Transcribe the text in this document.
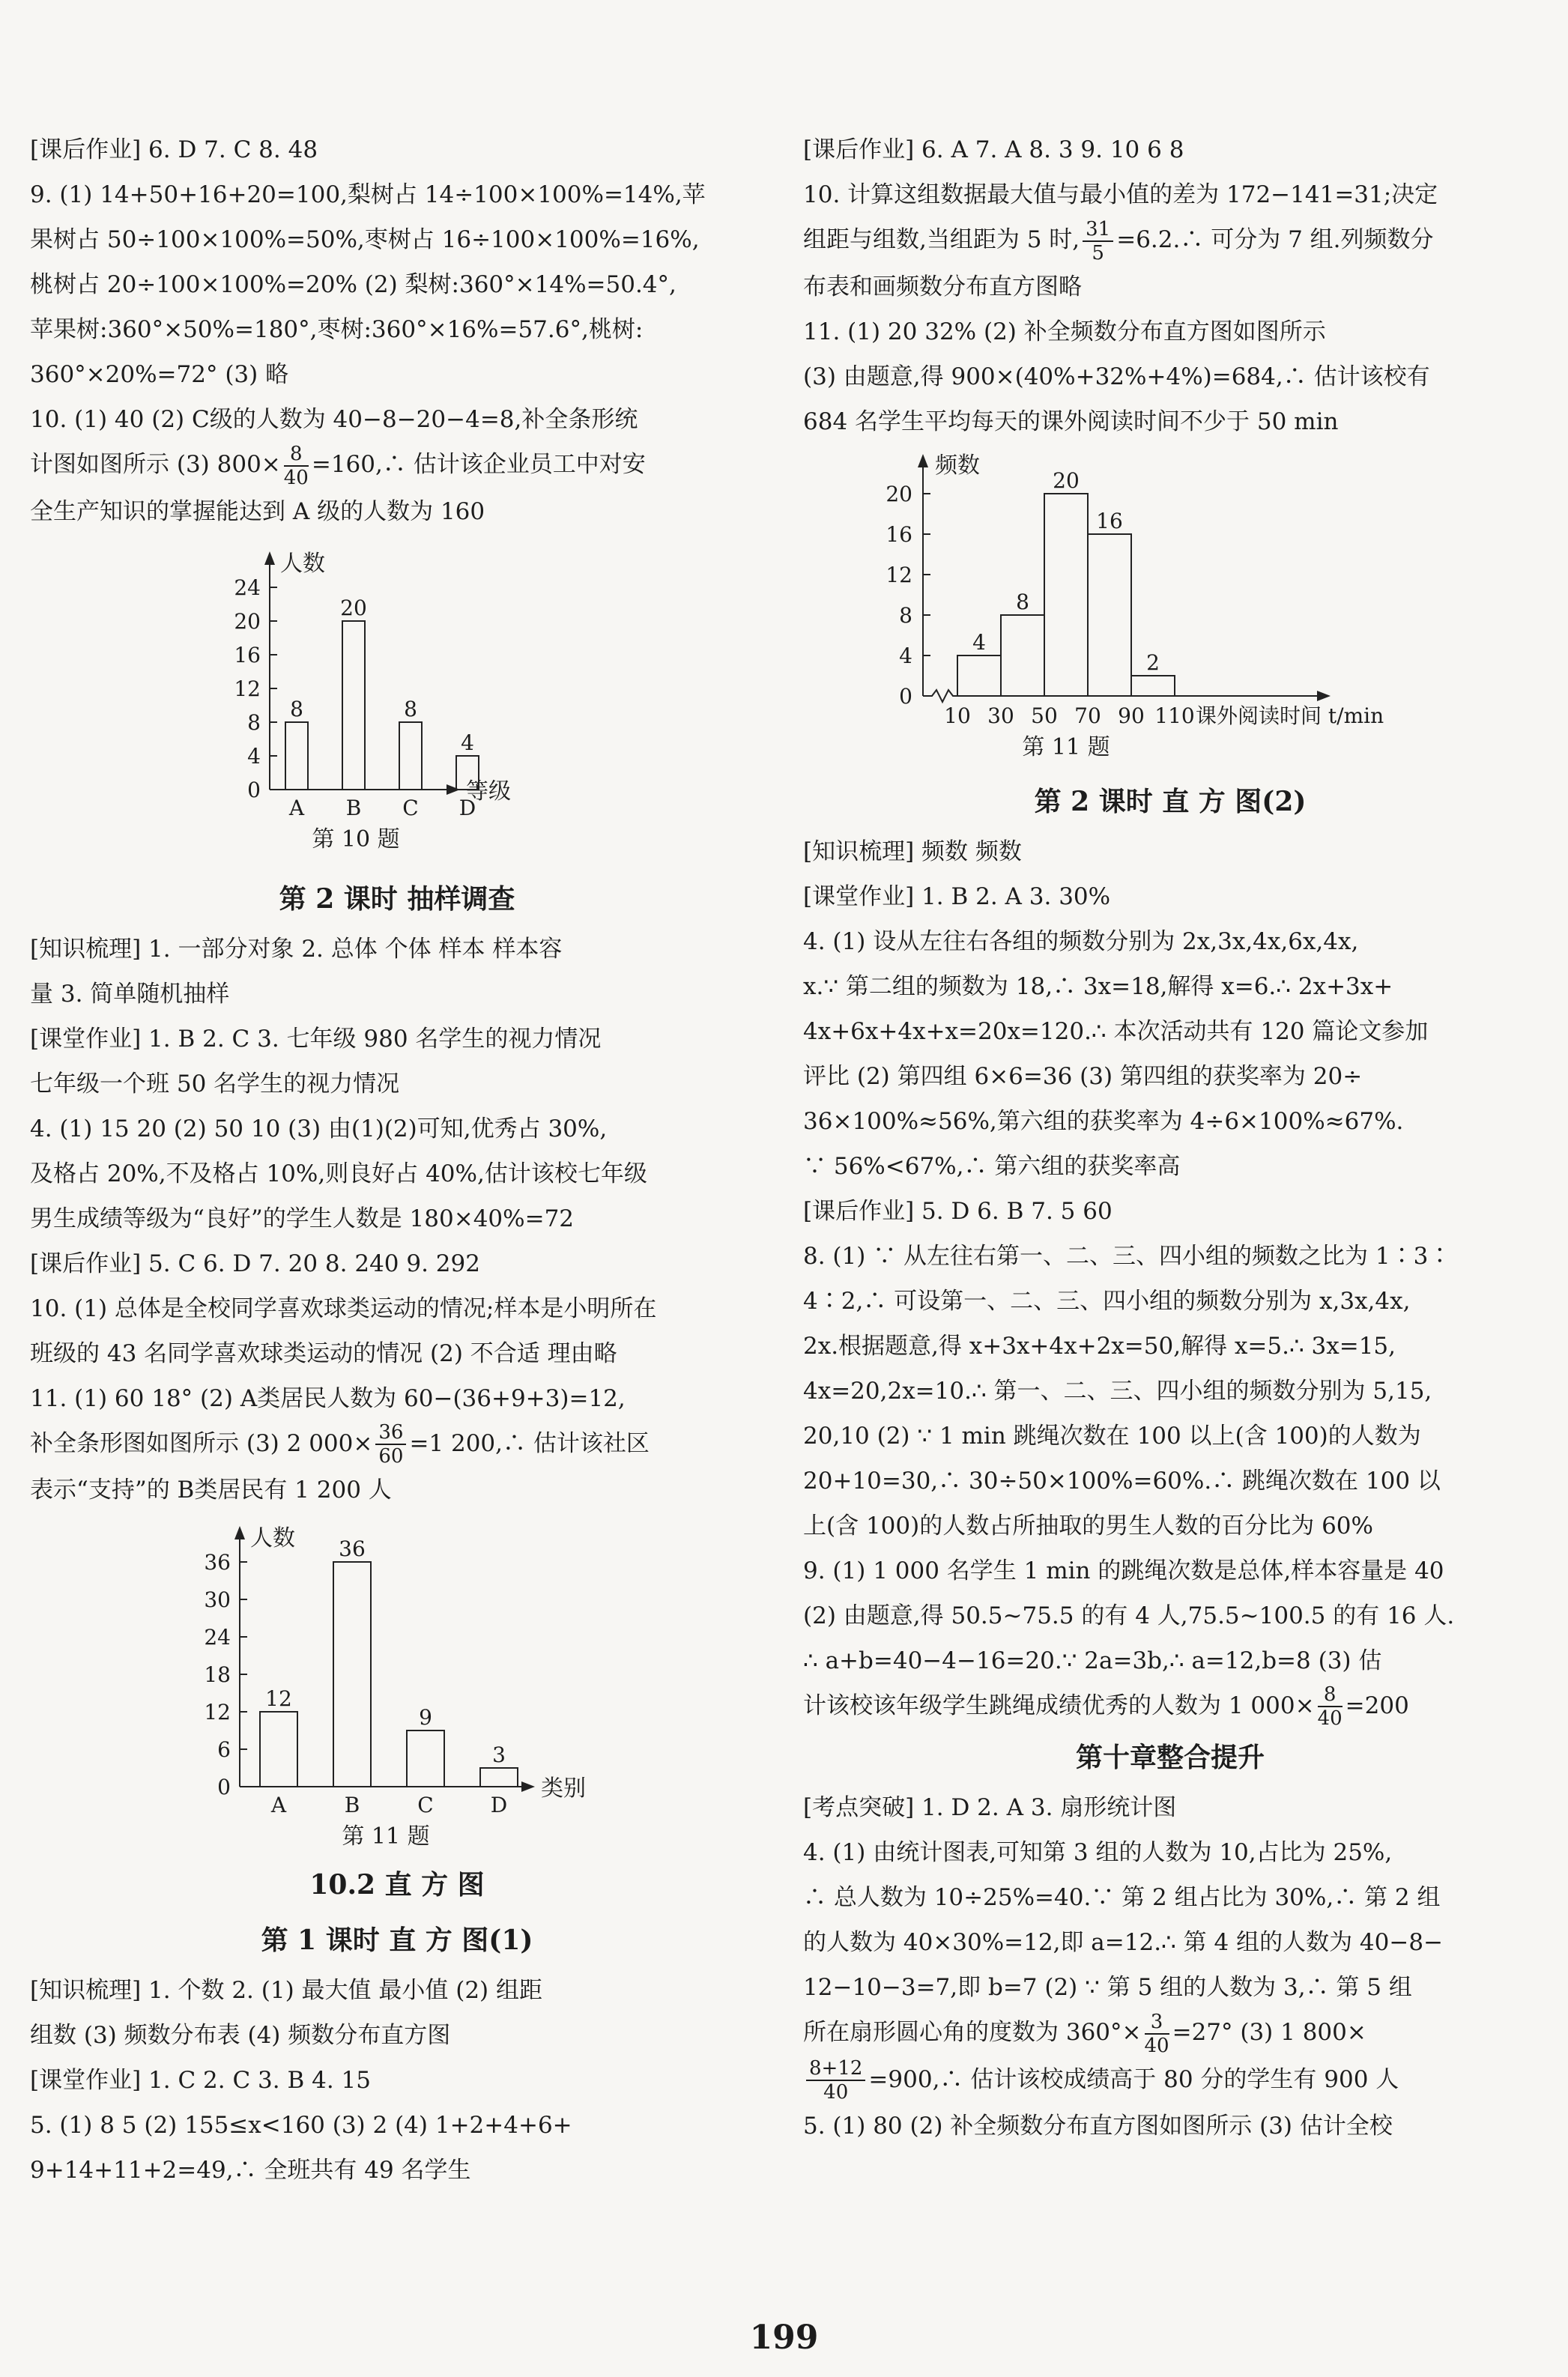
[课后作业] 6. D 7. C 8. 48
9. (1) 14+50+16+20=100,梨树占 14÷100×100%=14%,苹
果树占 50÷100×100%=50%,枣树占 16÷100×100%=16%,
桃树占 20÷100×100%=20% (2) 梨树:360°×14%=50.4°,
苹果树:360°×50%=180°,枣树:360°×16%=57.6°,桃树:
360°×20%=72° (3) 略
10. (1) 40 (2) C级的人数为 40−8−20−4=8,补全条形统
计图如图所示 (3) $800\times \frac{8}{40}$ =160,∴ 估计该企业员工中对安
全生产知识的掌握能达到 A 级的人数为 160
人数
等级
0
4
8
12
16
20
24
8
A
20
B
8
C
4
D
第 10 题
第 2 课时 抽样调查
[知识梳理] 1. 一部分对象 2. 总体 个体 样本 样本容
量 3. 简单随机抽样
[课堂作业] 1. B 2. C 3. 七年级 980 名学生的视力情况
七年级一个班 50 名学生的视力情况
4. (1) 15 20 (2) 50 10 (3) 由(1)(2)可知,优秀占 30%,
及格占 20%,不及格占 10%,则良好占 40%,估计该校七年级
男生成绩等级为“良好”的学生人数是 180×40%=72
[课后作业] 5. C 6. D 7. 20 8. 240 9. 292
10. (1) 总体是全校同学喜欢球类运动的情况;样本是小明所在
班级的 43 名同学喜欢球类运动的情况 (2) 不合适 理由略
11. (1) 60 18° (2) A类居民人数为 60−(36+9+3)=12,
补全条形图如图所示 (3) 2 $000\times \frac{36}{60} =1$ 200,∴ 估计该社区
表示“支持”的 B类居民有 1 200 人
人数
类别
0
6
12
18
24
30
36
12
A
36
B
9
C
3
D
第 11 题
10.2 直 方 图
第 1 课时 直 方 图(1)
[知识梳理] 1. 个数 2. (1) 最大值 最小值 (2) 组距
组数 (3) 频数分布表 (4) 频数分布直方图
[课堂作业] 1. C 2. C 3. B 4. 15
5. (1) 8 5 (2) 155≤x<160 (3) 2 (4) 1+2+4+6+
9+14+11+2=49,∴ 全班共有 49 名学生
[课后作业] 6. A 7. A 8. 3 9. 10 6 8
10. 计算这组数据最大值与最小值的差为 172−141=31;决定
组距与组数,当组距为 5 时, $\frac{31}{5}$ =6.2.∴ 可分为 7 组.列频数分
布表和画频数分布直方图略
11. (1) 20 32% (2) 补全频数分布直方图如图所示
(3) 由题意,得 900×(40%+32%+4%)=684,∴ 估计该校有
684 名学生平均每天的课外阅读时间不少于 50 min
频数
0
4
8
12
16
20
4
8
20
16
2
10 30 50 70 90 110 课外阅读时间 t/min
第 11 题
第 2 课时 直 方 图(2)
[知识梳理] 频数 频数
[课堂作业] 1. B 2. A 3. 30%
4. (1) 设从左往右各组的频数分别为 2x,3x,4x,6x,4x,
x.∵ 第二组的频数为 18,∴ 3x=18,解得 x=6.∴ 2x+3x+
4x+6x+4x+x=20x=120.∴ 本次活动共有 120 篇论文参加
评比 (2) 第四组 6×6=36 (3) 第四组的获奖率为 20÷
36×100%≈56%,第六组的获奖率为 4÷6×100%≈67%.
∵ 56%<67%,∴ 第六组的获奖率高
[课后作业] 5. D 6. B 7. 5 60
8. (1) ∵ 从左往右第一、二、三、四小组的频数之比为 1∶3∶
4∶2,∴ 可设第一、二、三、四小组的频数分别为 x,3x,4x,
2x.根据题意,得 x+3x+4x+2x=50,解得 x=5.∴ 3x=15,
4x=20,2x=10.∴ 第一、二、三、四小组的频数分别为 5,15,
20,10 (2) ∵ 1 min 跳绳次数在 100 以上(含 100)的人数为
20+10=30,∴ 30÷50×100%=60%.∴ 跳绳次数在 100 以
上(含 100)的人数占所抽取的男生人数的百分比为 60%
9. (1) 1 000 名学生 1 min 的跳绳次数是总体,样本容量是 40
(2) 由题意,得 50.5~75.5 的有 4 人,75.5~100.5 的有 16 人.
∴ a+b=40−4−16=20.∵ 2a=3b,∴ a=12,b=8 (3) 估
计该校该年级学生跳绳成绩优秀的人数为 1 $000\times \frac{8}{40} =200$
第十章整合提升
[考点突破] 1. D 2. A 3. 扇形统计图
4. (1) 由统计图表,可知第 3 组的人数为 10,占比为 25%,
∴ 总人数为 10÷25%=40.∵ 第 2 组占比为 30%,∴ 第 2 组
的人数为 40×30%=12,即 a=12.∴ 第 4 组的人数为 40−8−
12−10−3=7,即 b=7 (2) ∵ 第 5 组的人数为 3,∴ 第 5 组
所在扇形圆心角的度数为 $360^\circ\times \frac{3}{40} =27^\circ$ (3) 1 800×
$\frac{8+12}{40}$ =900,∴ 估计该校成绩高于 80 分的学生有 900 人
5. (1) 80 (2) 补全频数分布直方图如图所示 (3) 估计全校
199
